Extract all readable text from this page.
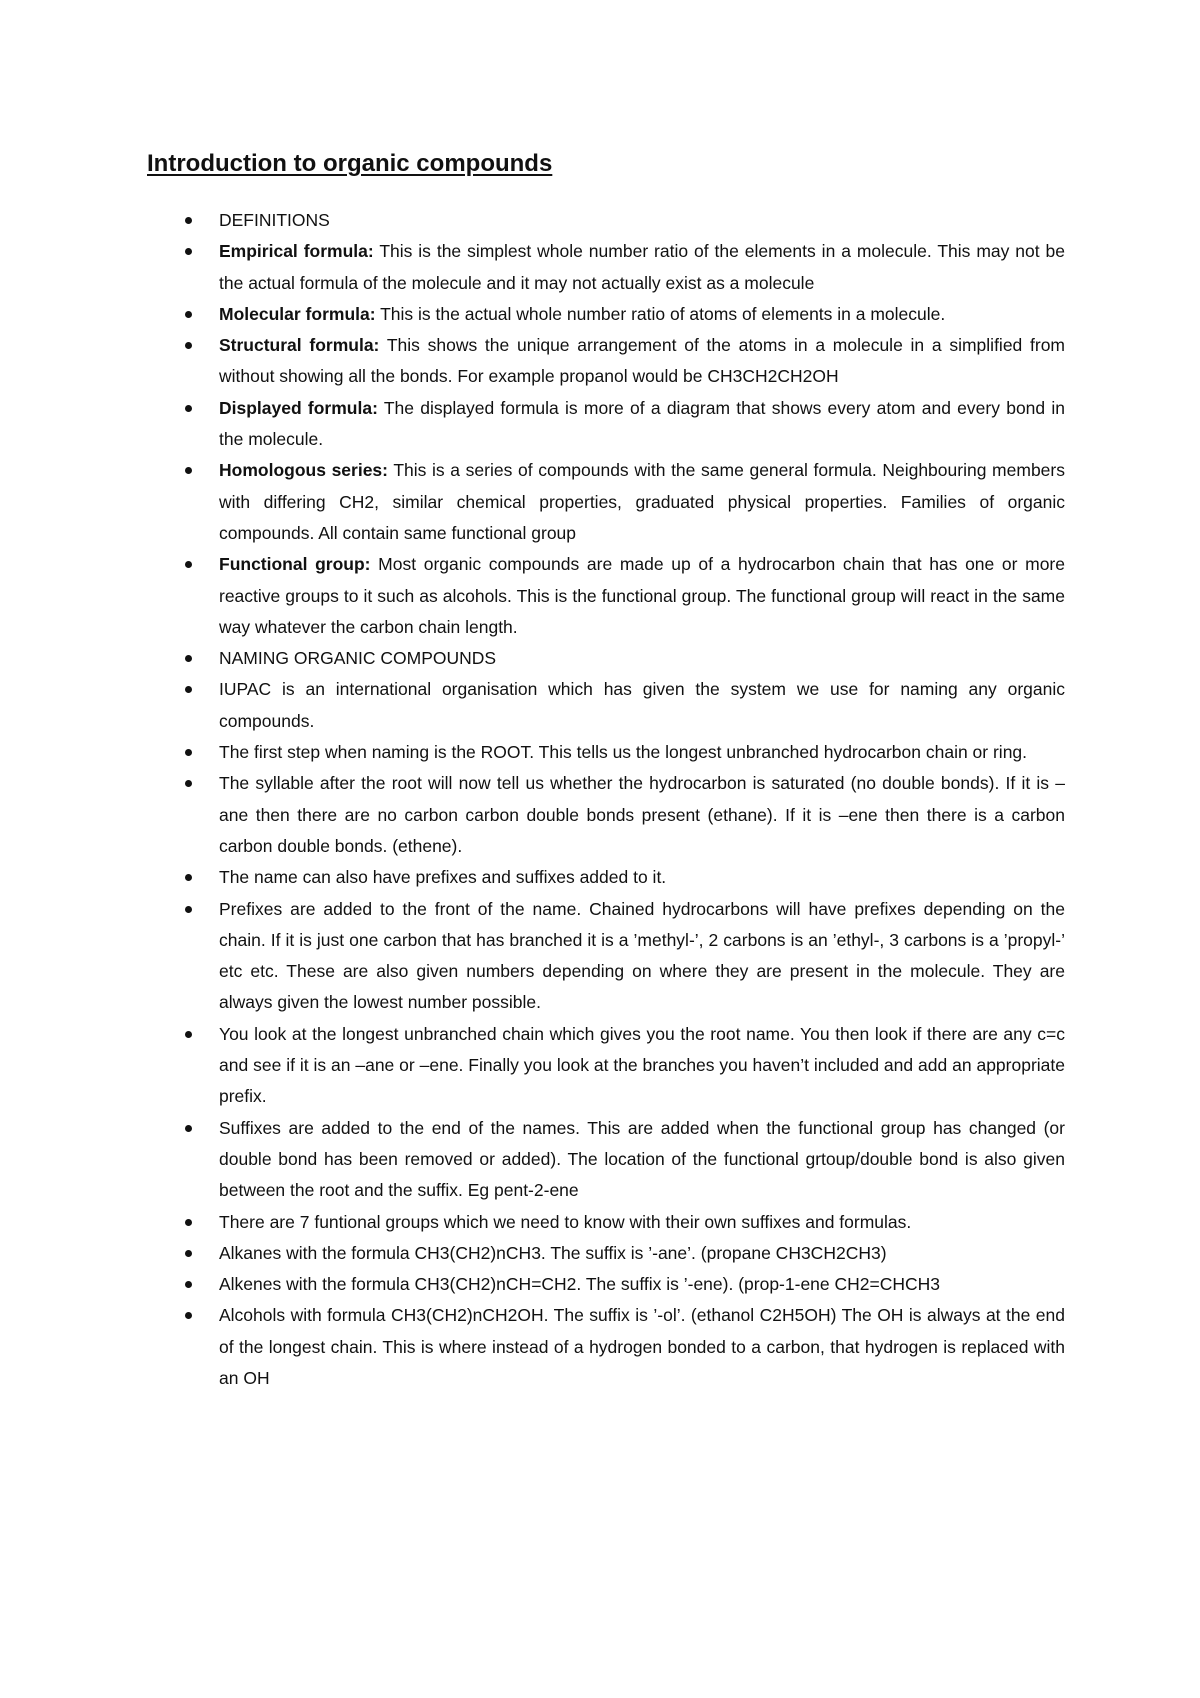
Introduction to organic compounds
DEFINITIONS
Empirical formula: This is the simplest whole number ratio of the elements in a molecule. This may not be the actual formula of the molecule and it may not actually exist as a molecule
Molecular formula: This is the actual whole number ratio of atoms of elements in a molecule.
Structural formula: This shows the unique arrangement of the atoms in a molecule in a simplified from without showing all the bonds. For example propanol would be CH3CH2CH2OH
Displayed formula: The displayed formula is more of a diagram that shows every atom and every bond in the molecule.
Homologous series: This is a series of compounds with the same general formula. Neighbouring members with differing CH2, similar chemical properties, graduated physical properties. Families of organic compounds. All contain same functional group
Functional group: Most organic compounds are made up of a hydrocarbon chain that has one or more reactive groups to it such as alcohols. This is the functional group. The functional group will react in the same way whatever the carbon chain length.
NAMING ORGANIC COMPOUNDS
IUPAC is an international organisation which has given the system we use for naming any organic compounds.
The first step when naming is the ROOT. This tells us the longest unbranched hydrocarbon chain or ring.
The syllable after the root will now tell us whether the hydrocarbon is saturated (no double bonds). If it is –ane then there are no carbon carbon double bonds present (ethane). If it is –ene then there is a carbon carbon double bonds. (ethene).
The name can also have prefixes and suffixes added to it.
Prefixes are added to the front of the name. Chained hydrocarbons will have prefixes depending on the chain. If it is just one carbon that has branched it is a ’methyl-’, 2 carbons is an ’ethyl-, 3 carbons is a ’propyl-’ etc etc. These are also given numbers depending on where they are present in the molecule. They are always given the lowest number possible.
You look at the longest unbranched chain which gives you the root name. You then look if there are any c=c and see if it is an –ane or –ene. Finally you look at the branches you haven’t included and add an appropriate prefix.
Suffixes are added to the end of the names. This are added when the functional group has changed (or double bond has been removed or added). The location of the functional grtoup/double bond is also given between the root and the suffix. Eg pent-2-ene
There are 7 funtional groups which we need to know with their own suffixes and formulas.
Alkanes with the formula CH3(CH2)nCH3. The suffix is ’-ane’. (propane CH3CH2CH3)
Alkenes with the formula CH3(CH2)nCH=CH2. The suffix is ’-ene). (prop-1-ene CH2=CHCH3
Alcohols with formula CH3(CH2)nCH2OH. The suffix is ’-ol’. (ethanol C2H5OH) The OH is always at the end of the longest chain. This is where instead of a hydrogen bonded to a carbon, that hydrogen is replaced with an OH
